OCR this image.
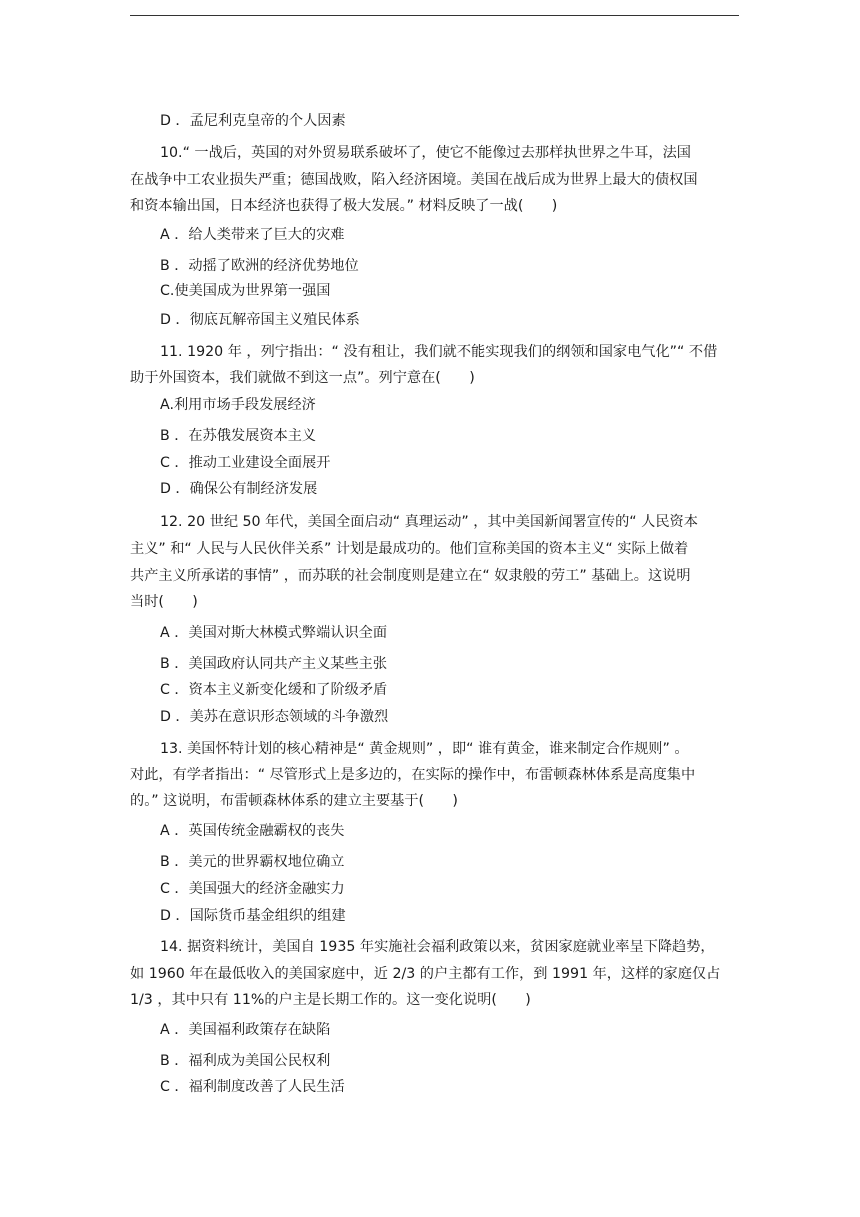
D ．孟尼利克皇帝的个人因素
10.“ 一战后，英国的对外贸易联系破坏了，使它不能像过去那样执世界之牛耳，法国
在战争中工农业损失严重；德国战败，陷入经济困境。美国在战后成为世界上最大的债权国
和资本输出国，日本经济也获得了极大发展。” 材料反映了一战(　　)
A ．给人类带来了巨大的灾难
B ．动摇了欧洲的经济优势地位
C.使美国成为世界第一强国
D ．彻底瓦解帝国主义殖民体系
11. 1920 年 ，列宁指出：“ 没有租让，我们就不能实现我们的纲领和国家电气化”“ 不借
助于外国资本，我们就做不到这一点”。列宁意在(　　)
A.利用市场手段发展经济
B ．在苏俄发展资本主义
C ．推动工业建设全面展开
D ．确保公有制经济发展
12. 20 世纪 50 年代，美国全面启动“ 真理运动” ，其中美国新闻署宣传的“ 人民资本
主义” 和“ 人民与人民伙伴关系” 计划是最成功的。他们宣称美国的资本主义“ 实际上做着
共产主义所承诺的事情” ，而苏联的社会制度则是建立在“ 奴隶般的劳工” 基础上。这说明
当时(　　)
A ．美国对斯大林模式弊端认识全面
B ．美国政府认同共产主义某些主张
C ．资本主义新变化缓和了阶级矛盾
D ．美苏在意识形态领域的斗争激烈
13. 美国怀特计划的核心精神是“ 黄金规则” ，即“ 谁有黄金，谁来制定合作规则” 。
对此，有学者指出：“ 尽管形式上是多边的，在实际的操作中，布雷顿森林体系是高度集中
的。” 这说明，布雷顿森林体系的建立主要基于(　　)
A ．英国传统金融霸权的丧失
B ．美元的世界霸权地位确立
C ．美国强大的经济金融实力
D ．国际货币基金组织的组建
14. 据资料统计，美国自 1935 年实施社会福利政策以来，贫困家庭就业率呈下降趋势，
如 1960 年在最低收入的美国家庭中，近 2/3 的户主都有工作，到 1991 年，这样的家庭仅占
1/3 ，其中只有 11%的户主是长期工作的。这一变化说明(　　)
A ．美国福利政策存在缺陷
B ．福利成为美国公民权利
C ．福利制度改善了人民生活
